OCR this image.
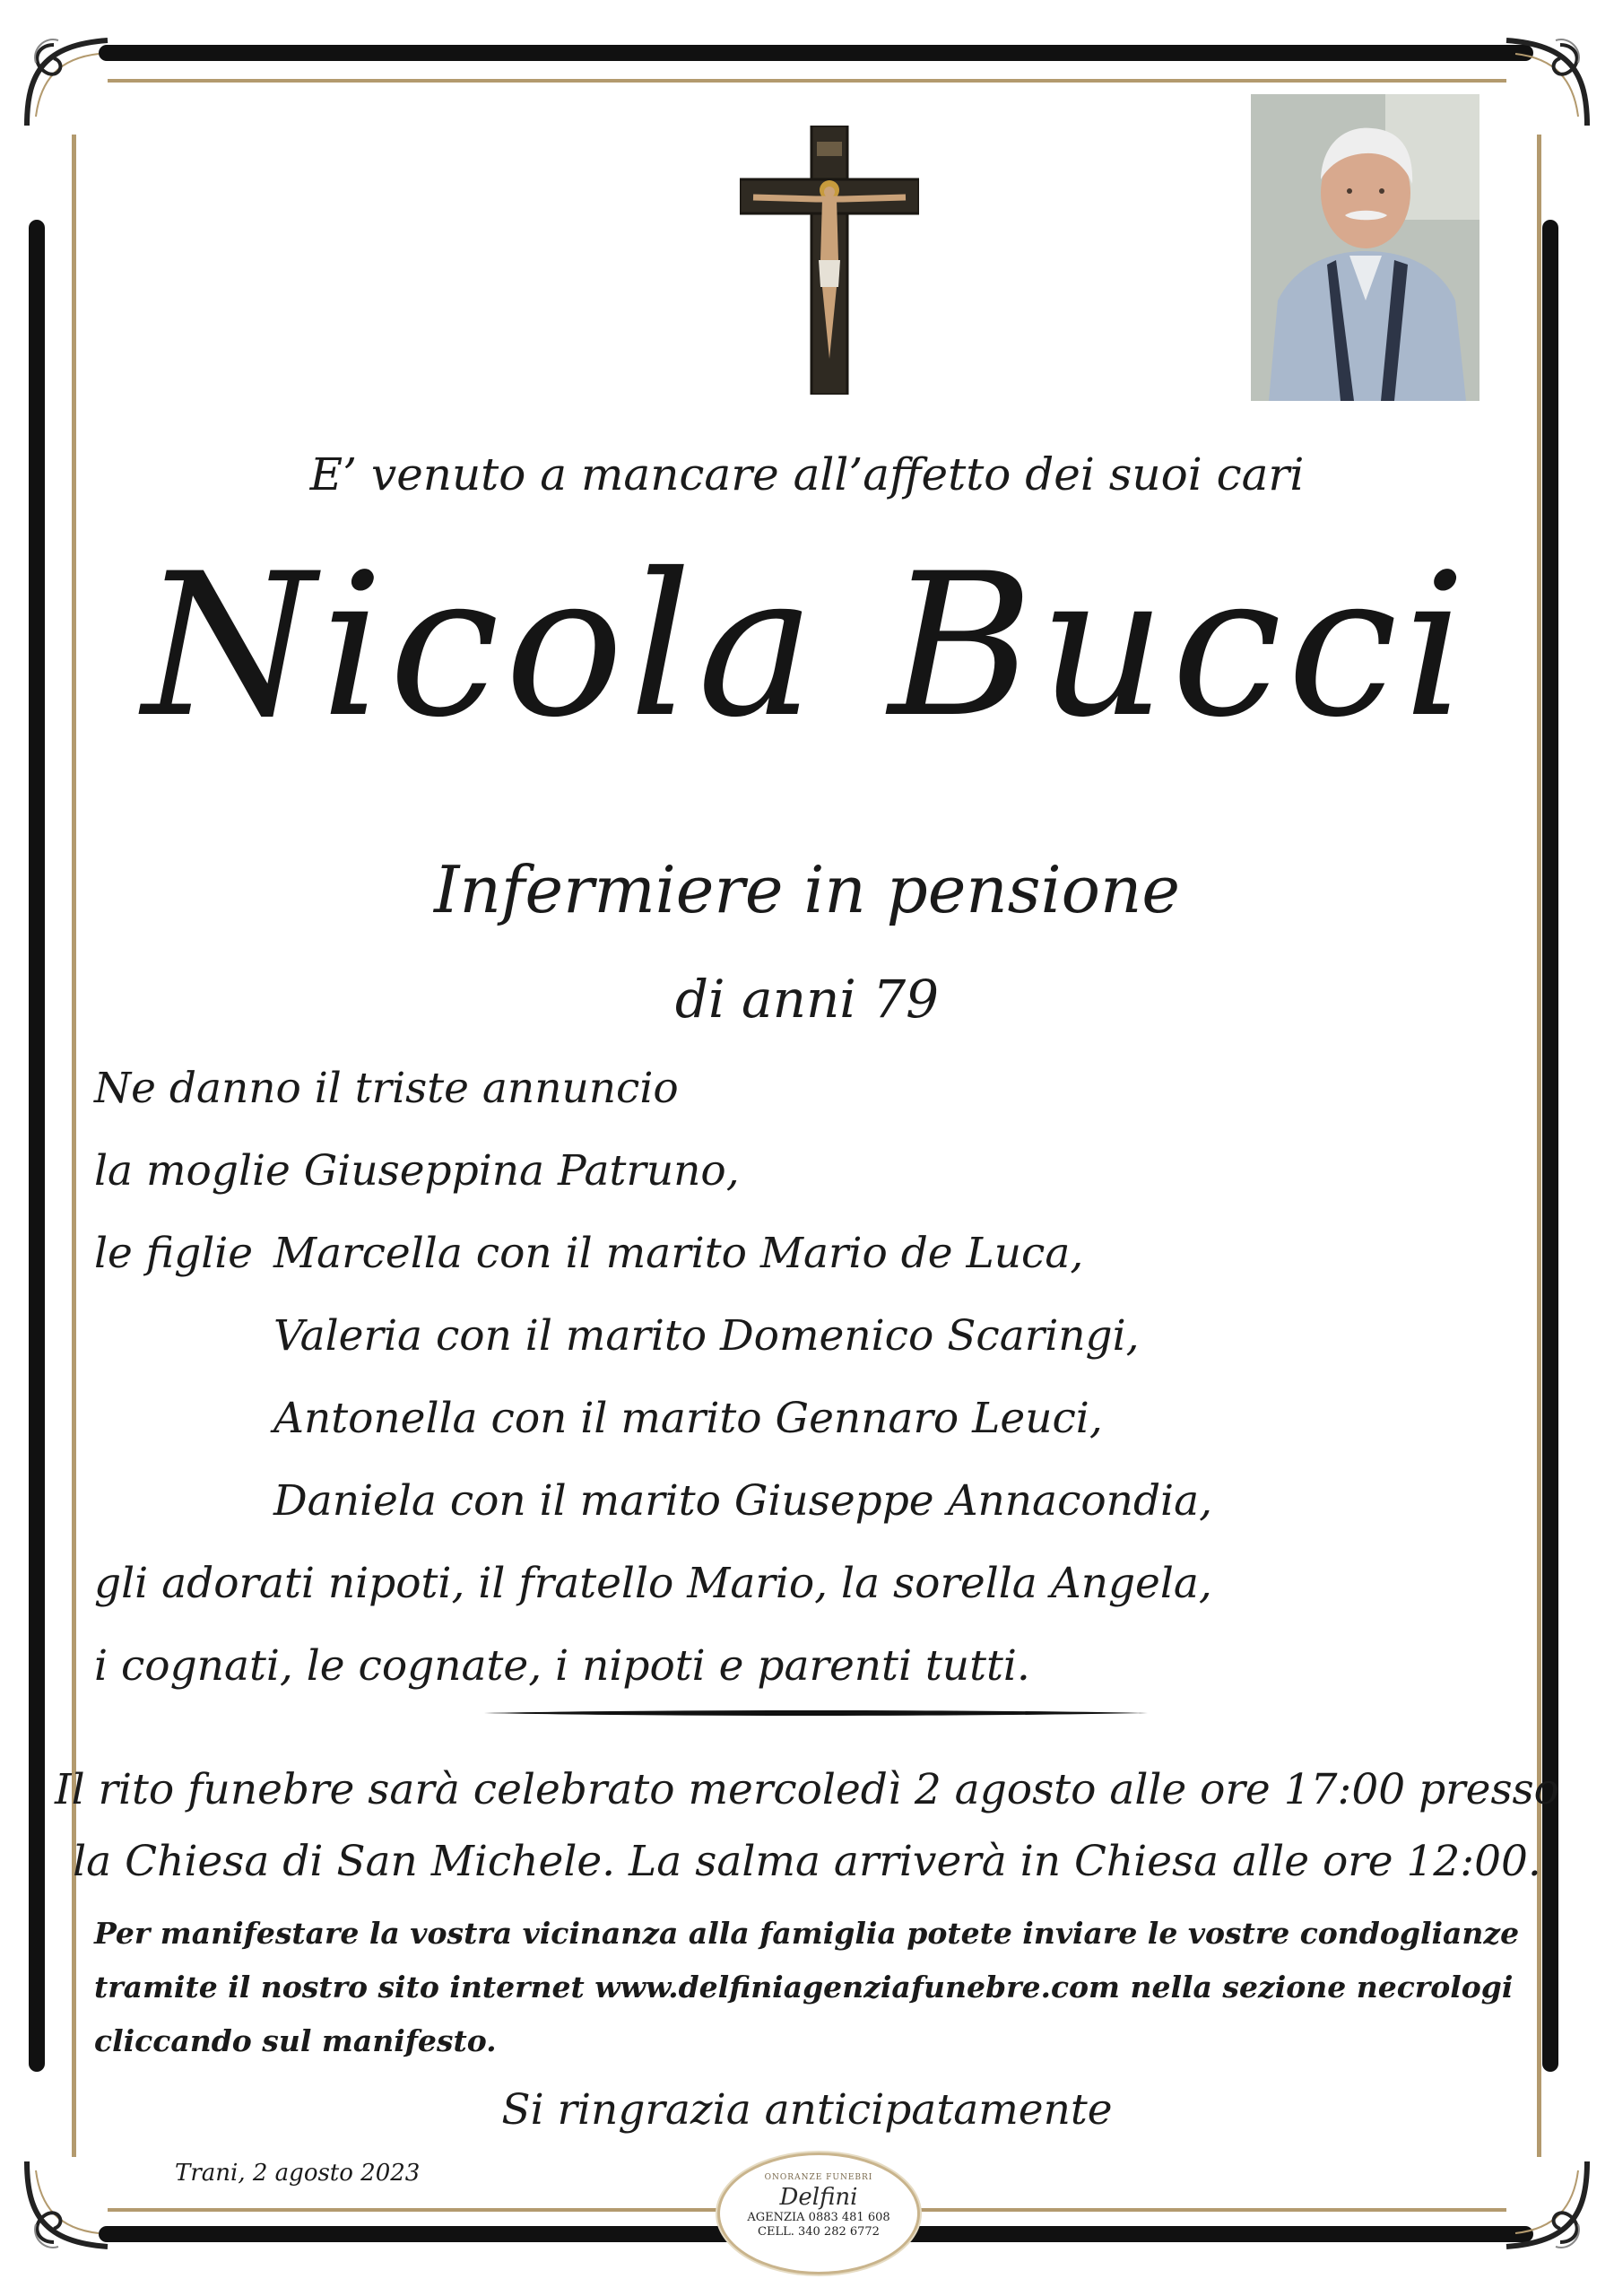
E’ venuto a mancare all’affetto dei suoi cari
Nicola Bucci
Infermiere in pensione
di anni 79
Ne danno il triste annuncio
la moglie Giuseppina Patruno,
le figlie Marcella con il marito Mario de Luca,
Valeria con il marito Domenico Scaringi,
Antonella con il marito Gennaro Leuci,
Daniela con il marito Giuseppe Annacondia,
gli adorati nipoti, il fratello Mario, la sorella Angela,
i cognati, le cognate, i nipoti e parenti tutti.
Il rito funebre sarà celebrato mercoledì 2 agosto alle ore 17:00 presso
la Chiesa di San Michele. La salma arriverà in Chiesa alle ore 12:00.
Per manifestare la vostra vicinanza alla famiglia potete inviare le vostre condoglianze
tramite il nostro sito internet www.delfiniagenziafunebre.com nella sezione necrologi
cliccando sul manifesto.
Si ringrazia anticipatamente
Trani, 2 agosto 2023	ONORANZE FUNEBRI
Delfini
AGENZIA 0883 481 608
CELL. 340 282 6772
